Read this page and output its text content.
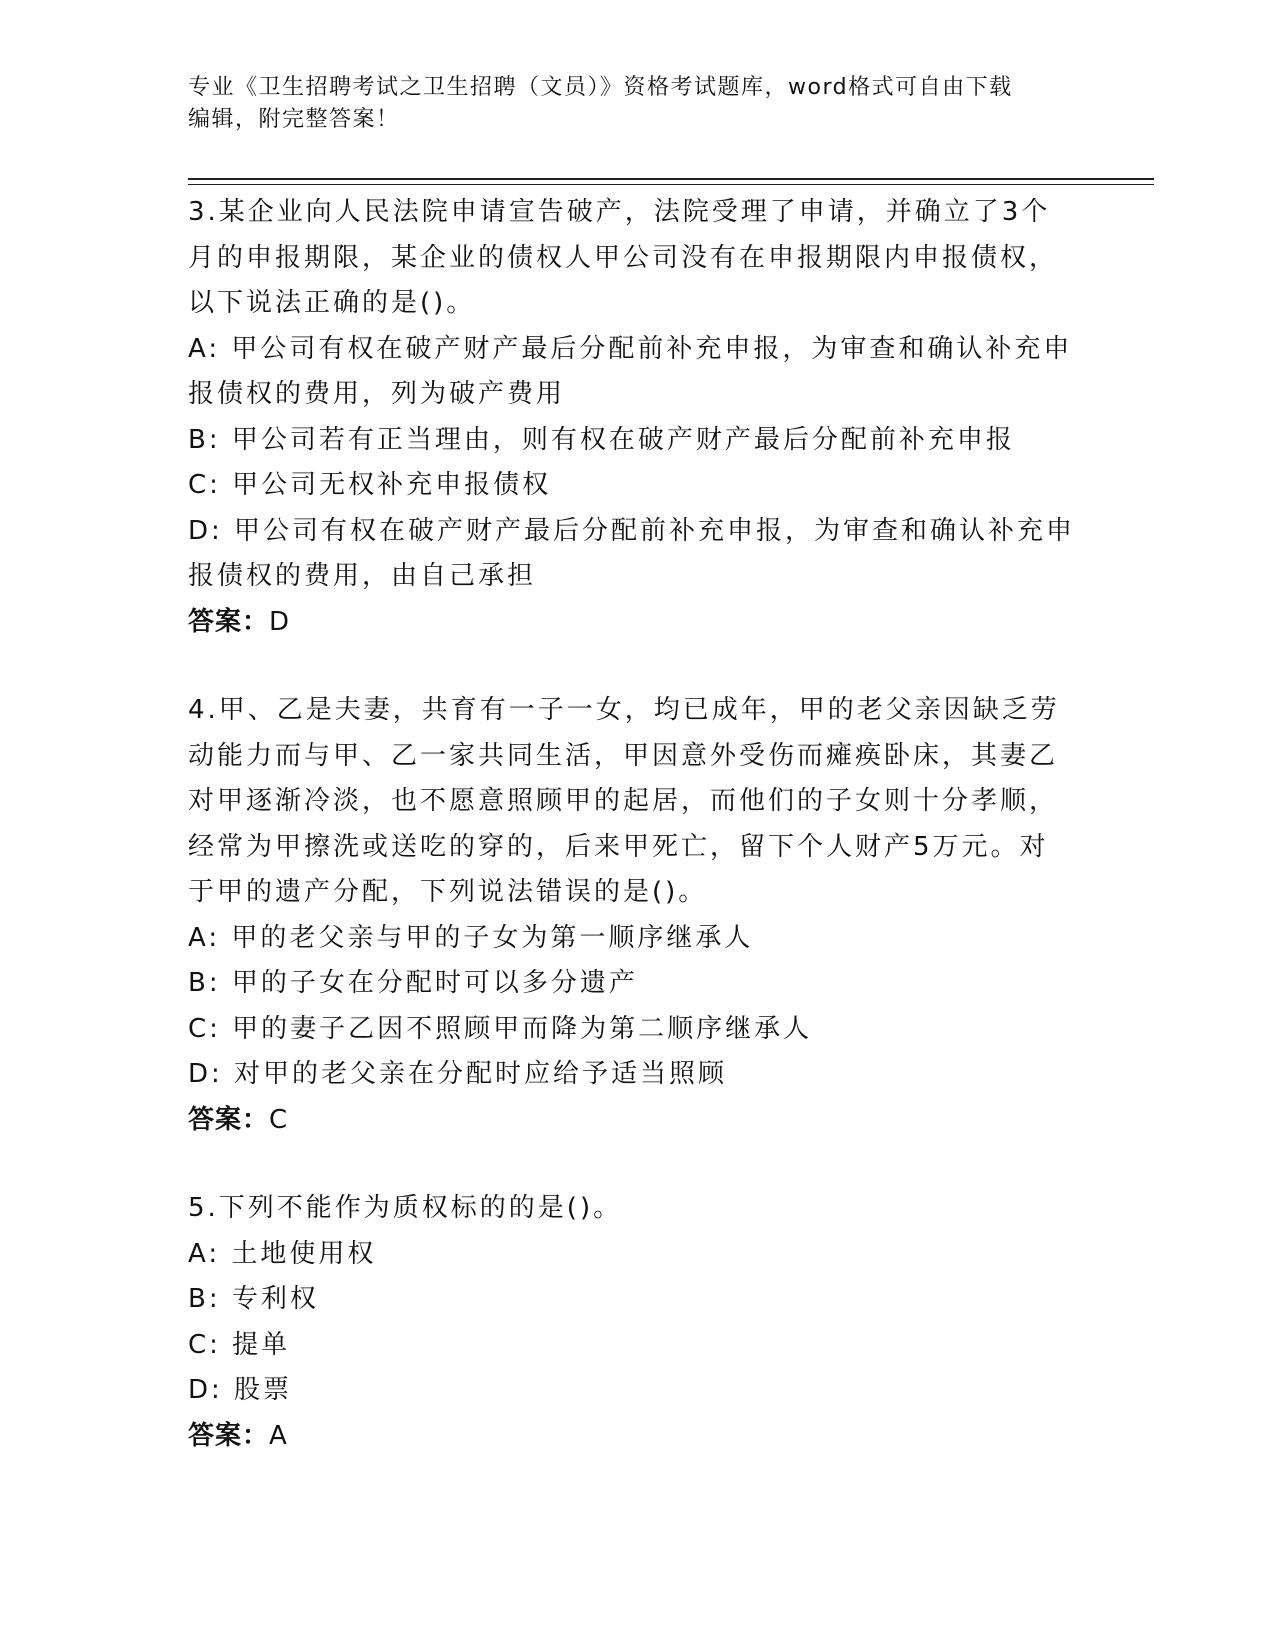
专业《卫生招聘考试之卫生招聘（文员）》资格考试题库，word格式可自由下载
编辑，附完整答案！
3.某企业向人民法院申请宣告破产，法院受理了申请，并确立了3个
月的申报期限，某企业的债权人甲公司没有在申报期限内申报债权，
以下说法正确的是()。
A: 甲公司有权在破产财产最后分配前补充申报，为审查和确认补充申
报债权的费用，列为破产费用
B: 甲公司若有正当理由，则有权在破产财产最后分配前补充申报
C: 甲公司无权补充申报债权
D: 甲公司有权在破产财产最后分配前补充申报，为审查和确认补充申
报债权的费用，由自己承担
答案：D
4.甲、乙是夫妻，共育有一子一女，均已成年，甲的老父亲因缺乏劳
动能力而与甲、乙一家共同生活，甲因意外受伤而瘫痪卧床，其妻乙
对甲逐渐冷淡，也不愿意照顾甲的起居，而他们的子女则十分孝顺，
经常为甲擦洗或送吃的穿的，后来甲死亡，留下个人财产5万元。对
于甲的遗产分配，下列说法错误的是()。
A: 甲的老父亲与甲的子女为第一顺序继承人
B: 甲的子女在分配时可以多分遗产
C: 甲的妻子乙因不照顾甲而降为第二顺序继承人
D: 对甲的老父亲在分配时应给予适当照顾
答案：C
5.下列不能作为质权标的的是()。
A: 土地使用权
B: 专利权
C: 提单
D: 股票
答案：A
